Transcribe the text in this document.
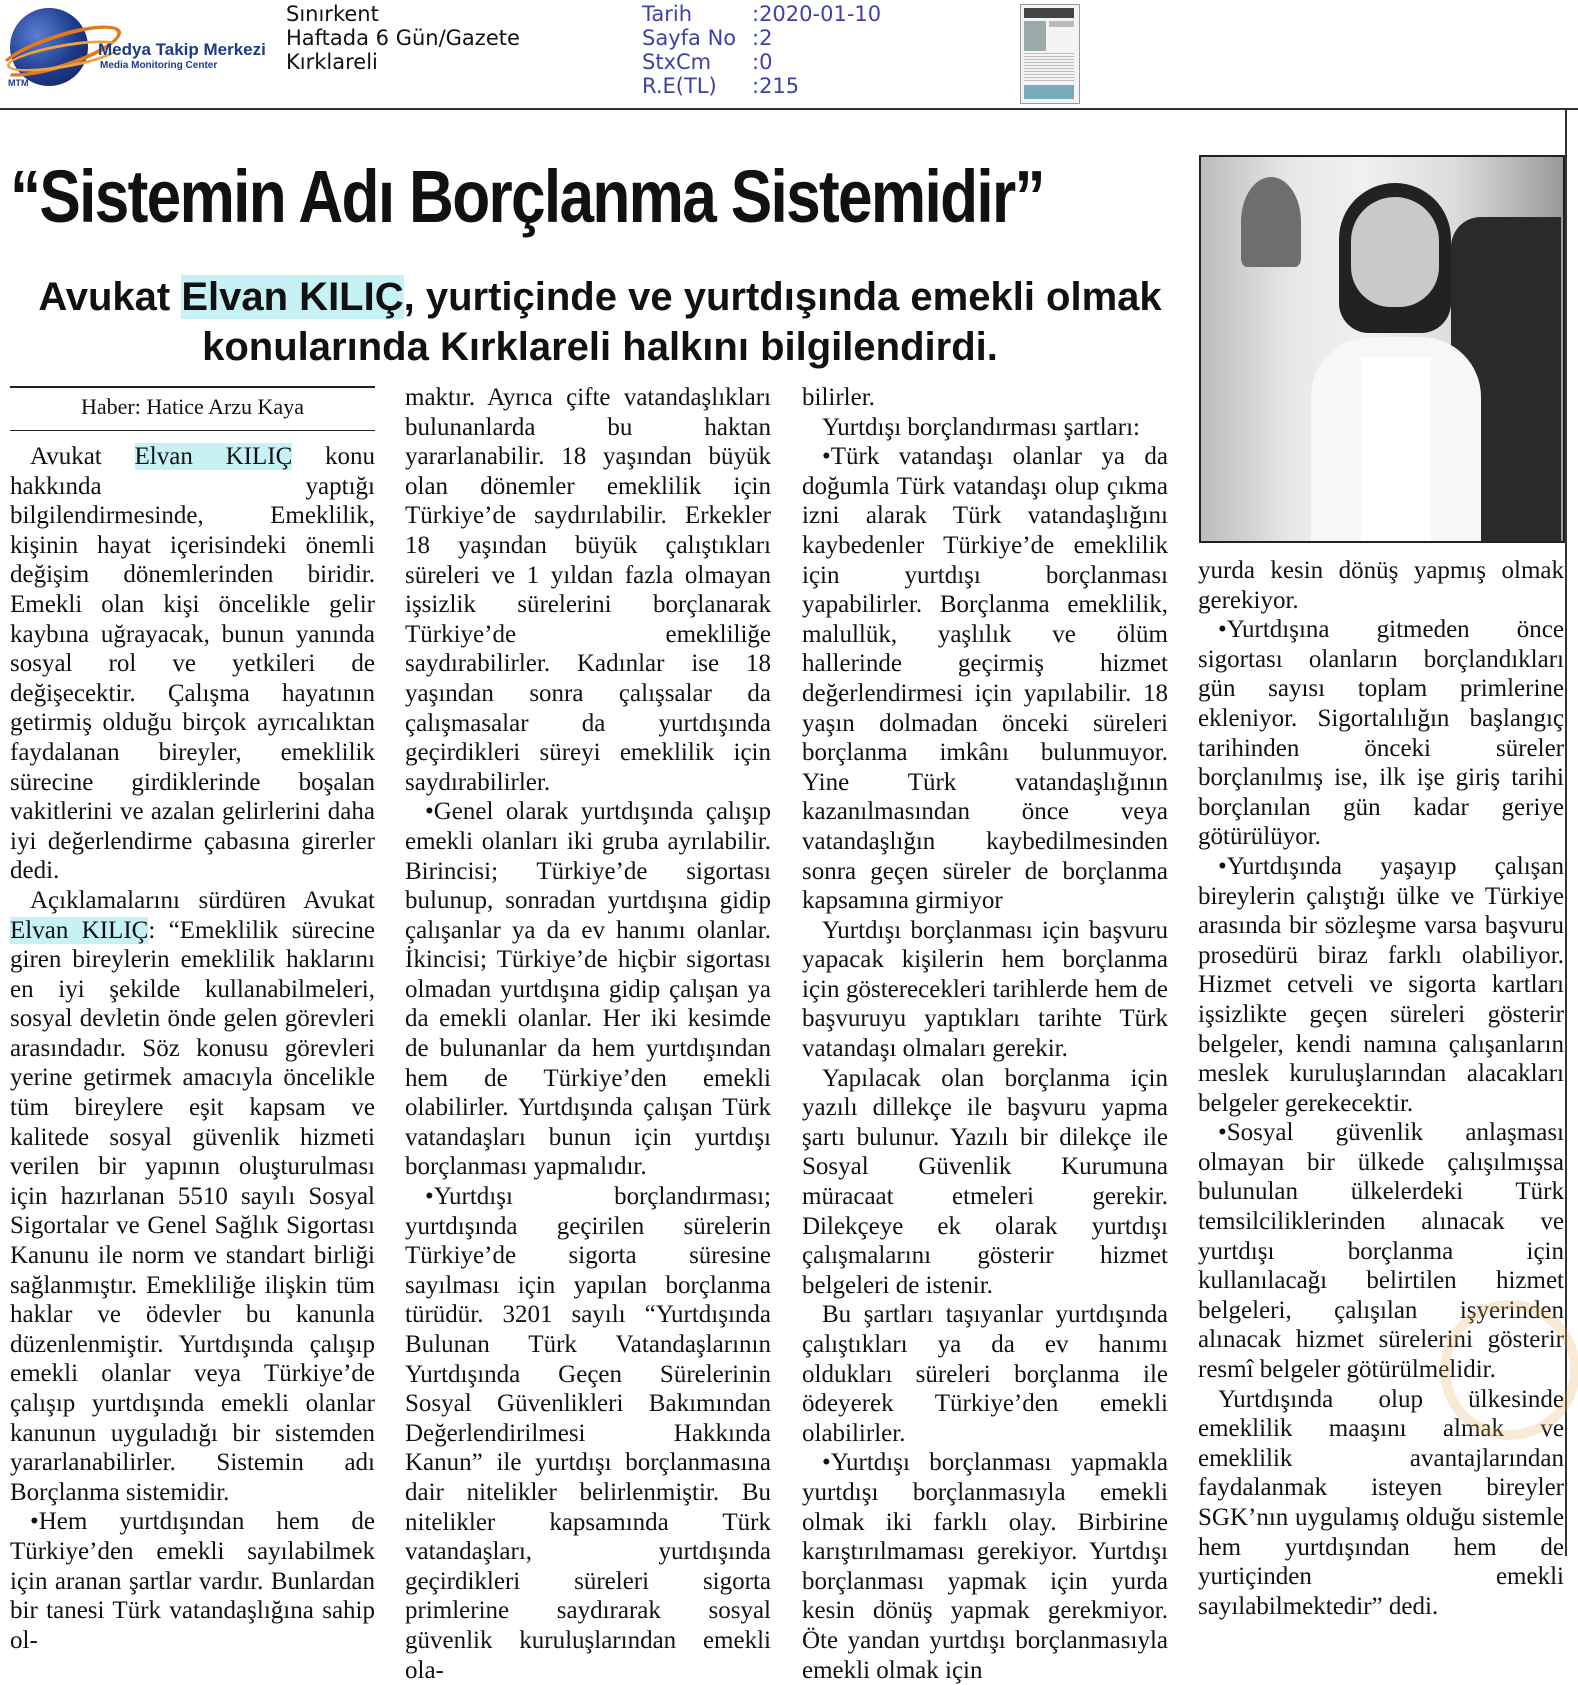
Medya Takip Merkezi
Media Monitoring Center
MTM
Sınırkent
Haftada 6 Gün/Gazete
Kırklareli
Tarih	:2020-01-10
Sayfa No :2
StxCm	:0
R.E(TL)	:215
“Sistemin Adı Borçlanma Sistemidir”
Avukat Elvan KILIÇ, yurtiçinde ve yurtdışında emekli olmak konularında Kırklareli halkını bilgilendirdi.
Haber: Hatice Arzu Kaya

Avukat Elvan KILIÇ konu hakkında yaptığı bilgilendirmesinde, Emeklilik, kişinin hayat içerisindeki önemli değişim dönemlerinden biridir. Emekli olan kişi öncelikle gelir kaybına uğrayacak, bunun yanında sosyal rol ve yetkileri de değişecektir. Çalışma hayatının getirmiş olduğu birçok ayrıcalıktan faydalanan bireyler, emeklilik sürecine girdiklerinde boşalan vakitlerini ve azalan gelirlerini daha iyi değerlendirme çabasına girerler dedi.

Açıklamalarını sürdüren Avukat Elvan KILIÇ: “Emeklilik sürecine giren bireylerin emeklilik haklarını en iyi şekilde kullanabilmeleri, sosyal devletin önde gelen görevleri arasındadır. Söz konusu görevleri yerine getirmek amacıyla öncelikle tüm bireylere eşit kapsam ve kalitede sosyal güvenlik hizmeti verilen bir yapının oluşturulması için hazırlanan 5510 sayılı Sosyal Sigortalar ve Genel Sağlık Sigortası Kanunu ile norm ve standart birliği sağlanmıştır. Emekliliğe ilişkin tüm haklar ve ödevler bu kanunla düzenlenmiştir. Yurtdışında çalışıp emekli olanlar veya Türkiye’de çalışıp yurtdışında emekli olanlar kanunun uyguladığı bir sistemden yararlanabilirler. Sistemin adı Borçlanma sistemidir.

•Hem yurtdışından hem de Türkiye’den emekli sayılabilmek için aranan şartlar vardır. Bunlardan bir tanesi Türk vatandaşlığına sahip ol-

maktır. Ayrıca çifte vatandaşlıkları bulunanlarda bu haktan yararlanabilir. 18 yaşından büyük olan dönemler emeklilik için Türkiye’de saydırılabilir. Erkekler 18 yaşından büyük çalıştıkları süreleri ve 1 yıldan fazla olmayan işsizlik sürelerini borçlanarak Türkiye’de emekliliğe saydırabilirler. Kadınlar ise 18 yaşından sonra çalışsalar da çalışmasalar da yurtdışında geçirdikleri süreyi emeklilik için saydırabilirler.

•Genel olarak yurtdışında çalışıp emekli olanları iki gruba ayrılabilir. Birincisi; Türkiye’de sigortası bulunup, sonradan yurtdışına gidip çalışanlar ya da ev hanımı olanlar. İkincisi; Türkiye’de hiçbir sigortası olmadan yurtdışına gidip çalışan ya da emekli olanlar. Her iki kesimde de bulunanlar da hem yurtdışından hem de Türkiye’den emekli olabilirler. Yurtdışında çalışan Türk vatandaşları bunun için yurtdışı borçlanması yapmalıdır.

•Yurtdışı borçlandırması; yurtdışında geçirilen sürelerin Türkiye’de sigorta süresine sayılması için yapılan borçlanma türüdür. 3201 sayılı “Yurtdışında Bulunan Türk Vatandaşlarının Yurtdışında Geçen Sürelerinin Sosyal Güvenlikleri Bakımından Değerlendirilmesi Hakkında Kanun” ile yurtdışı borçlanmasına dair nitelikler belirlenmiştir. Bu nitelikler kapsamında Türk vatandaşları, yurtdışında geçirdikleri süreleri sigorta primlerine saydırarak sosyal güvenlik kuruluşlarından emekli ola-

bilirler.

Yurtdışı borçlandırması şartları:

•Türk vatandaşı olanlar ya da doğumla Türk vatandaşı olup çıkma izni alarak Türk vatandaşlığını kaybedenler Türkiye’de emeklilik için yurtdışı borçlanması yapabilirler. Borçlanma emeklilik, malullük, yaşlılık ve ölüm hallerinde geçirmiş hizmet değerlendirmesi için yapılabilir. 18 yaşın dolmadan önceki süreleri borçlanma imkânı bulunmuyor. Yine Türk vatandaşlığının kazanılmasından önce veya vatandaşlığın kaybedilmesinden sonra geçen süreler de borçlanma kapsamına girmiyor

Yurtdışı borçlanması için başvuru yapacak kişilerin hem borçlanma için gösterecekleri tarihlerde hem de başvuruyu yaptıkları tarihte Türk vatandaşı olmaları gerekir.

Yapılacak olan borçlanma için yazılı dillekçe ile başvuru yapma şartı bulunur. Yazılı bir dilekçe ile Sosyal Güvenlik Kurumuna müracaat etmeleri gerekir. Dilekçeye ek olarak yurtdışı çalışmalarını gösterir hizmet belgeleri de istenir.

Bu şartları taşıyanlar yurtdışında çalıştıkları ya da ev hanımı oldukları süreleri borçlanma ile ödeyerek Türkiye’den emekli olabilirler.

•Yurtdışı borçlanması yapmakla yurtdışı borçlanmasıyla emekli olmak iki farklı olay. Birbirine karıştırılmaması gerekiyor. Yurtdışı borçlanması yapmak için yurda kesin dönüş yapmak gerekmiyor. Öte yandan yurtdışı borçlanmasıyla emekli olmak için

yurda kesin dönüş yapmış olmak gerekiyor.

•Yurtdışına gitmeden önce sigortası olanların borçlandıkları gün sayısı toplam primlerine ekleniyor. Sigortalılığın başlangıç tarihinden önceki süreler borçlanılmış ise, ilk işe giriş tarihi borçlanılan gün kadar geriye götürülüyor.

•Yurtdışında yaşayıp çalışan bireylerin çalıştığı ülke ve Türkiye arasında bir sözleşme varsa başvuru prosedürü biraz farklı olabiliyor. Hizmet cetveli ve sigorta kartları işsizlikte geçen süreleri gösterir belgeler, kendi namına çalışanların meslek kuruluşlarından alacakları belgeler gerekecektir.

•Sosyal güvenlik anlaşması olmayan bir ülkede çalışılmışsa bulunulan ülkelerdeki Türk temsilciliklerinden alınacak ve yurtdışı borçlanma için kullanılacağı belirtilen hizmet belgeleri, çalışılan işyerinden alınacak hizmet sürelerini gösterir resmî belgeler götürülmelidir.

Yurtdışında olup ülkesinde emeklilik maaşını almak ve emeklilik avantajlarından faydalanmak isteyen bireyler SGK’nın uygulamış olduğu sistemle hem yurtdışından hem de yurtiçinden emekli sayılabilmektedir” dedi.
